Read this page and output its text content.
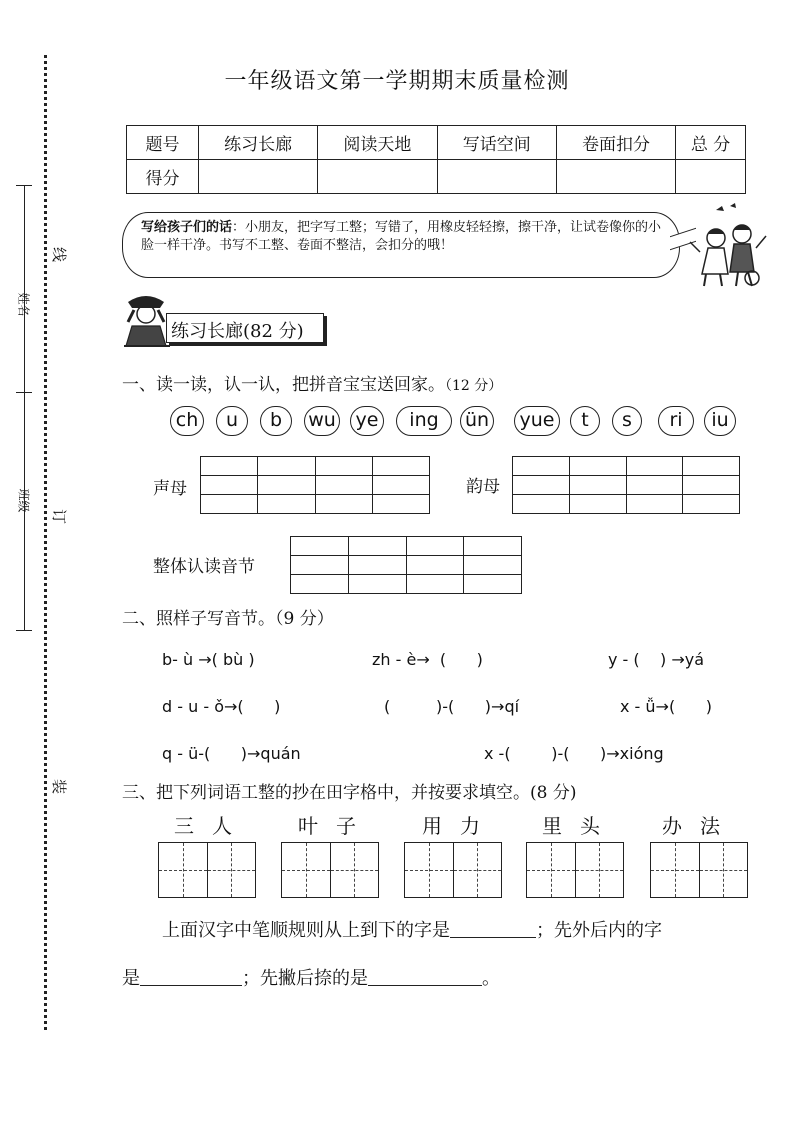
姓名
班级
线
订
装
一年级语文第一学期期末质量检测
题号	练习长廊	阅读天地	写话空间	卷面扣分	总 分
得分					
写给孩子们的话：小朋友，把字写工整；写错了，用橡皮轻轻擦，擦干净，让试卷像你的小脸一样干净。书写不工整、卷面不整洁，会扣分的哦！
练习长廊(82 分)
一、读一读，认一认，把拼音宝宝送回家。（12 分）
ch	u	b	wu ye	ing	ün yue	t	s	ri	iu
声母

				韵母

整体认读音节

二、照样子写音节。（9 分）
b- ù →( bù )	zh - è→  (      )	y - (    ) →yá
d - u - ǒ→(      )	(         )-(      )→qí	x - ǚ→(      )
q - ü-(      )→quán	x -(        )-(      )→xióng
三、把下列词语工整的抄在田字格中，并按要求填空。(8 分)
三人 叶子 用力 里头 办法
上面汉字中笔顺规则从上到下的字是	；先外后内的字
是	；先撇后捺的是	。
